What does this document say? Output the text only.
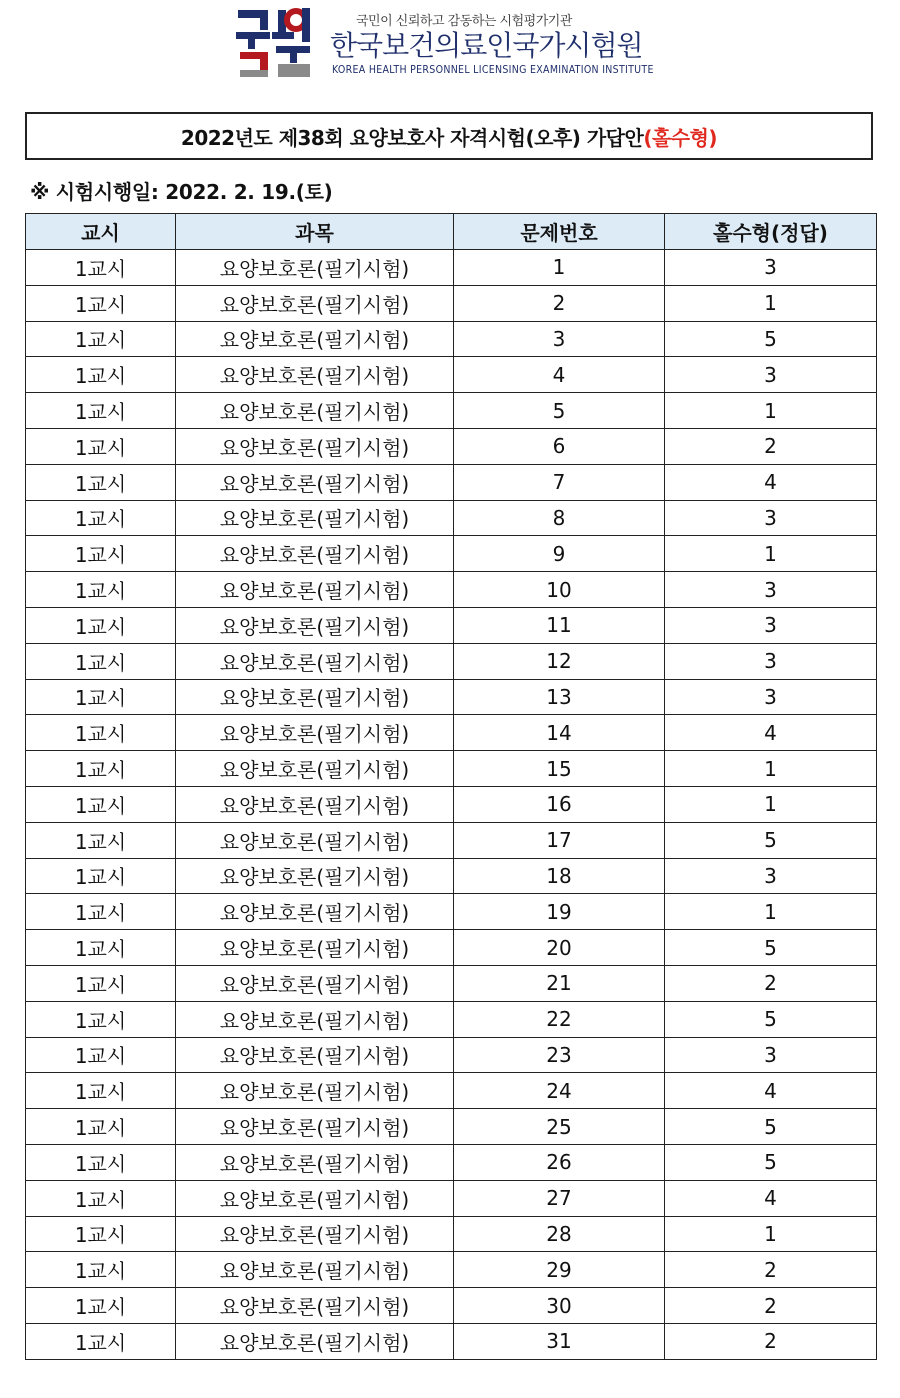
국민이 신뢰하고 감동하는 시험평가기관
한국보건의료인국가시험원
KOREA HEALTH PERSONNEL LICENSING EXAMINATION INSTITUTE
2022년도 제38회 요양보호사 자격시험(오후) 가답안 (홀수형)
※ 시험시행일: 2022. 2. 19.(토)
교시	과목	문제번호	홀수형(정답)
1교시	요양보호론(필기시험)	1	3
1교시	요양보호론(필기시험)	2	1
1교시	요양보호론(필기시험)	3	5
1교시	요양보호론(필기시험)	4	3
1교시	요양보호론(필기시험)	5	1
1교시	요양보호론(필기시험)	6	2
1교시	요양보호론(필기시험)	7	4
1교시	요양보호론(필기시험)	8	3
1교시	요양보호론(필기시험)	9	1
1교시	요양보호론(필기시험)	10	3
1교시	요양보호론(필기시험)	11	3
1교시	요양보호론(필기시험)	12	3
1교시	요양보호론(필기시험)	13	3
1교시	요양보호론(필기시험)	14	4
1교시	요양보호론(필기시험)	15	1
1교시	요양보호론(필기시험)	16	1
1교시	요양보호론(필기시험)	17	5
1교시	요양보호론(필기시험)	18	3
1교시	요양보호론(필기시험)	19	1
1교시	요양보호론(필기시험)	20	5
1교시	요양보호론(필기시험)	21	2
1교시	요양보호론(필기시험)	22	5
1교시	요양보호론(필기시험)	23	3
1교시	요양보호론(필기시험)	24	4
1교시	요양보호론(필기시험)	25	5
1교시	요양보호론(필기시험)	26	5
1교시	요양보호론(필기시험)	27	4
1교시	요양보호론(필기시험)	28	1
1교시	요양보호론(필기시험)	29	2
1교시	요양보호론(필기시험)	30	2
1교시	요양보호론(필기시험)	31	2
